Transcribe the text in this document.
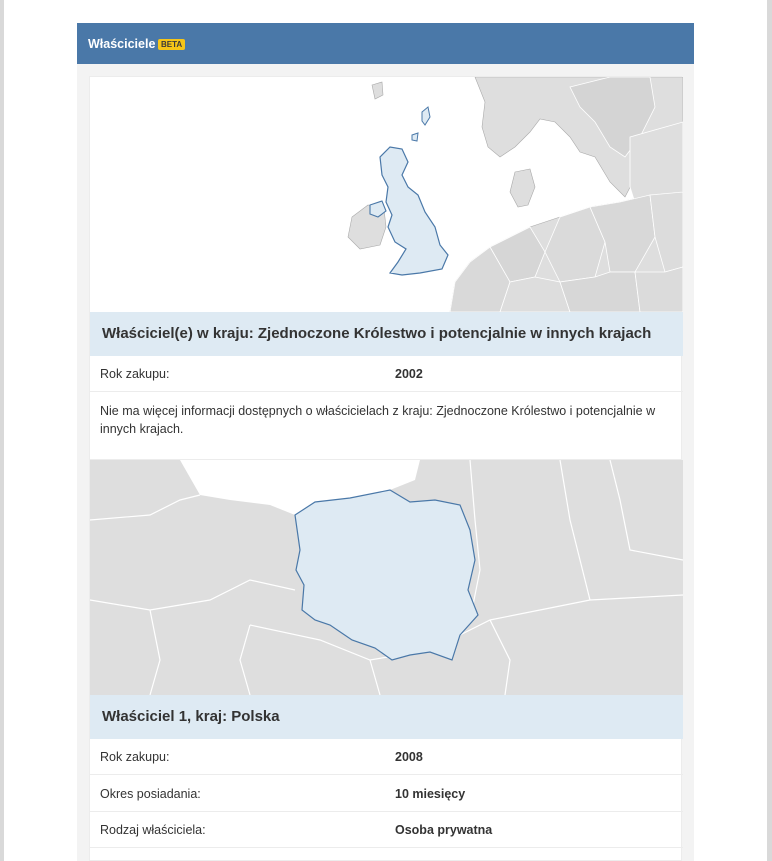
Właściciele BETA
Właściciel(e) w kraju: Zjednoczone Królestwo i potencjalnie w innych krajach
Rok zakupu:	2002
Nie ma więcej informacji dostępnych o właścicielach z kraju: Zjednoczone Królestwo i potencjalnie w innych krajach.
Właściciel 1, kraj: Polska
Rok zakupu:	2008
Okres posiadania:	10 miesięcy
Rodzaj właściciela:	Osoba prywatna
